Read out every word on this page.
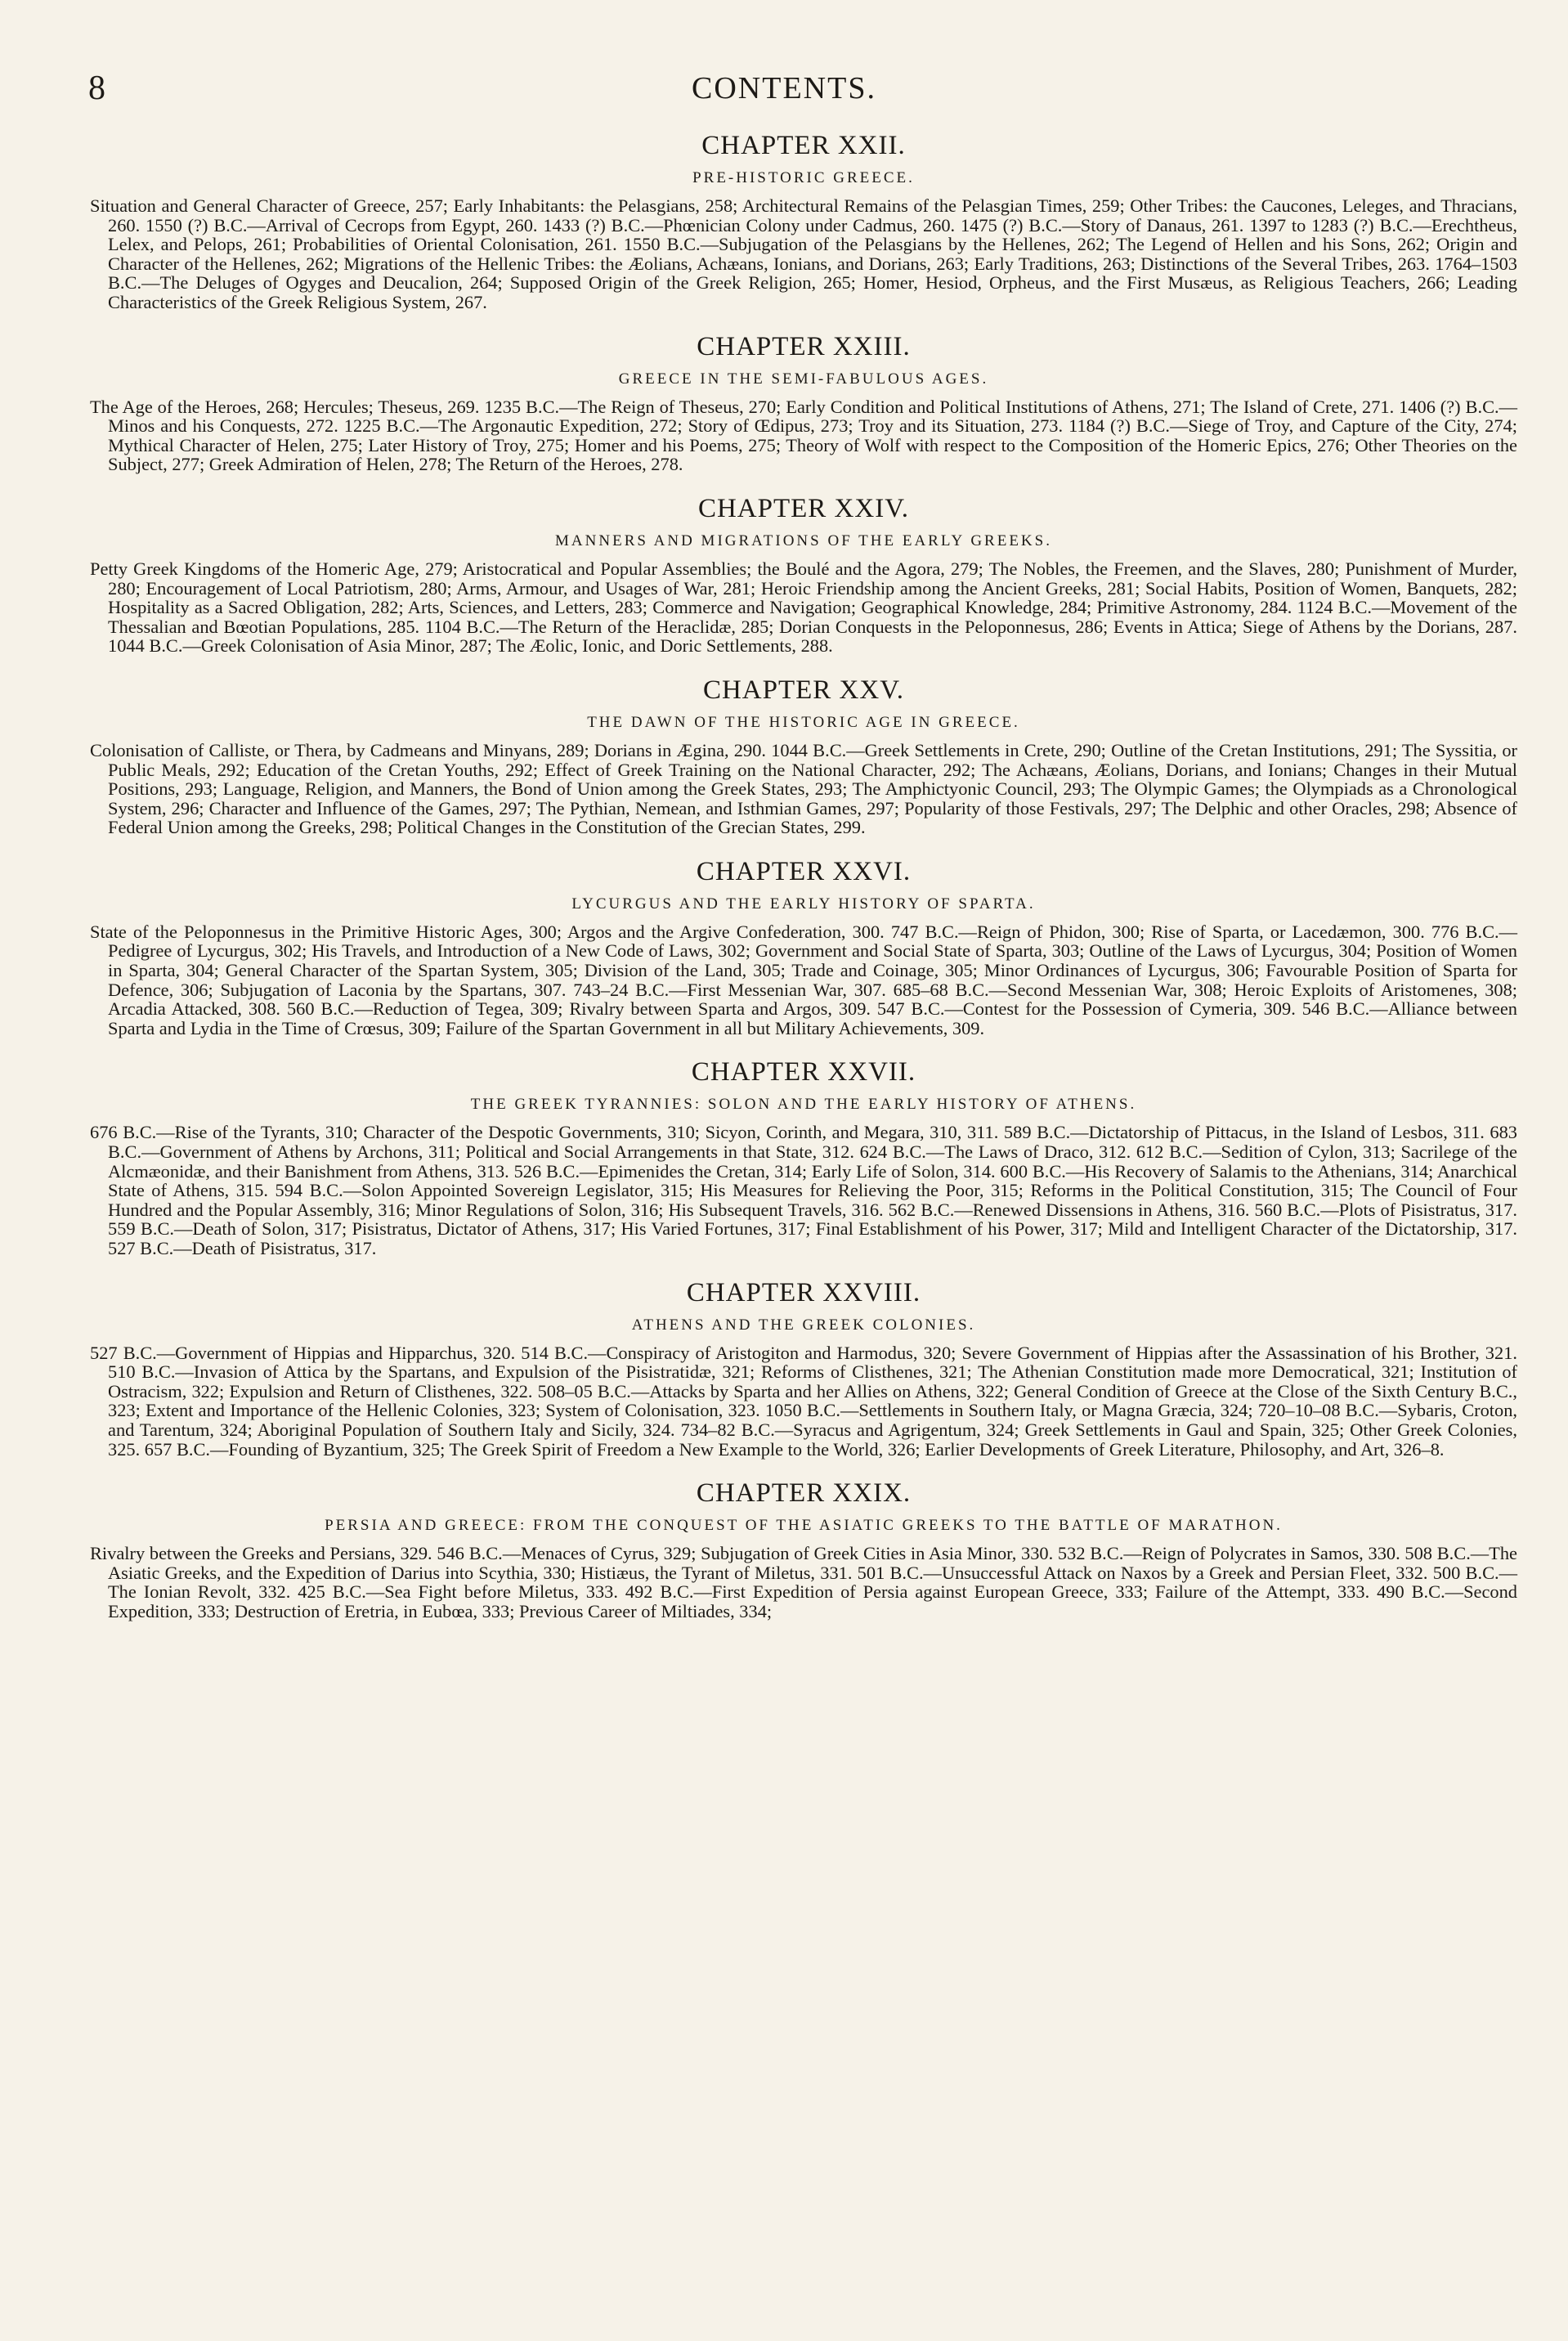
8	CONTENTS.
CHAPTER XXII.
PRE-HISTORIC GREECE.

Situation and General Character of Greece, 257; Early Inhabitants: the Pelasgians, 258; Architectural Remains of the Pelasgian Times, 259; Other Tribes: the Caucones, Leleges, and Thracians, 260. 1550 (?) B.C.—Arrival of Cecrops from Egypt, 260. 1433 (?) B.C.—Phœnician Colony under Cadmus, 260. 1475 (?) B.C.—Story of Danaus, 261. 1397 to 1283 (?) B.C.—Erechtheus, Lelex, and Pelops, 261; Probabilities of Oriental Colonisation, 261. 1550 B.C.—Subjugation of the Pelasgians by the Hellenes, 262; The Legend of Hellen and his Sons, 262; Origin and Character of the Hellenes, 262; Migrations of the Hellenic Tribes: the Æolians, Achæans, Ionians, and Dorians, 263; Early Traditions, 263; Distinctions of the Several Tribes, 263. 1764–1503 B.C.—The Deluges of Ogyges and Deucalion, 264; Supposed Origin of the Greek Religion, 265; Homer, Hesiod, Orpheus, and the First Musæus, as Religious Teachers, 266; Leading Characteristics of the Greek Religious System, 267.

CHAPTER XXIII.
GREECE IN THE SEMI-FABULOUS AGES.

The Age of the Heroes, 268; Hercules; Theseus, 269. 1235 B.C.—The Reign of Theseus, 270; Early Condition and Political Institutions of Athens, 271; The Island of Crete, 271. 1406 (?) B.C.—Minos and his Conquests, 272. 1225 B.C.—The Argonautic Expedition, 272; Story of Œdipus, 273; Troy and its Situation, 273. 1184 (?) B.C.—Siege of Troy, and Capture of the City, 274; Mythical Character of Helen, 275; Later History of Troy, 275; Homer and his Poems, 275; Theory of Wolf with respect to the Composition of the Homeric Epics, 276; Other Theories on the Subject, 277; Greek Admiration of Helen, 278; The Return of the Heroes, 278.

CHAPTER XXIV.
MANNERS AND MIGRATIONS OF THE EARLY GREEKS.

Petty Greek Kingdoms of the Homeric Age, 279; Aristocratical and Popular Assemblies; the Boulé and the Agora, 279; The Nobles, the Freemen, and the Slaves, 280; Punishment of Murder, 280; Encouragement of Local Patriotism, 280; Arms, Armour, and Usages of War, 281; Heroic Friendship among the Ancient Greeks, 281; Social Habits, Position of Women, Banquets, 282; Hospitality as a Sacred Obligation, 282; Arts, Sciences, and Letters, 283; Commerce and Navigation; Geographical Knowledge, 284; Primitive Astronomy, 284. 1124 B.C.—Movement of the Thessalian and Bœotian Populations, 285. 1104 B.C.—The Return of the Heraclidæ, 285; Dorian Conquests in the Peloponnesus, 286; Events in Attica; Siege of Athens by the Dorians, 287. 1044 B.C.—Greek Colonisation of Asia Minor, 287; The Æolic, Ionic, and Doric Settlements, 288.

CHAPTER XXV.
THE DAWN OF THE HISTORIC AGE IN GREECE.

Colonisation of Calliste, or Thera, by Cadmeans and Minyans, 289; Dorians in Ægina, 290. 1044 B.C.—Greek Settlements in Crete, 290; Outline of the Cretan Institutions, 291; The Syssitia, or Public Meals, 292; Education of the Cretan Youths, 292; Effect of Greek Training on the National Character, 292; The Achæans, Æolians, Dorians, and Ionians; Changes in their Mutual Positions, 293; Language, Religion, and Manners, the Bond of Union among the Greek States, 293; The Amphictyonic Council, 293; The Olympic Games; the Olympiads as a Chronological System, 296; Character and Influence of the Games, 297; The Pythian, Nemean, and Isthmian Games, 297; Popularity of those Festivals, 297; The Delphic and other Oracles, 298; Absence of Federal Union among the Greeks, 298; Political Changes in the Constitution of the Grecian States, 299.

CHAPTER XXVI.
LYCURGUS AND THE EARLY HISTORY OF SPARTA.

State of the Peloponnesus in the Primitive Historic Ages, 300; Argos and the Argive Confederation, 300. 747 B.C.—Reign of Phidon, 300; Rise of Sparta, or Lacedæmon, 300. 776 B.C.—Pedigree of Lycurgus, 302; His Travels, and Introduction of a New Code of Laws, 302; Government and Social State of Sparta, 303; Outline of the Laws of Lycurgus, 304; Position of Women in Sparta, 304; General Character of the Spartan System, 305; Division of the Land, 305; Trade and Coinage, 305; Minor Ordinances of Lycurgus, 306; Favourable Position of Sparta for Defence, 306; Subjugation of Laconia by the Spartans, 307. 743–24 B.C.—First Messenian War, 307. 685–68 B.C.—Second Messenian War, 308; Heroic Exploits of Aristomenes, 308; Arcadia Attacked, 308. 560 B.C.—Reduction of Tegea, 309; Rivalry between Sparta and Argos, 309. 547 B.C.—Contest for the Possession of Cymeria, 309. 546 B.C.—Alliance between Sparta and Lydia in the Time of Crœsus, 309; Failure of the Spartan Government in all but Military Achievements, 309.

CHAPTER XXVII.
THE GREEK TYRANNIES: SOLON AND THE EARLY HISTORY OF ATHENS.

676 B.C.—Rise of the Tyrants, 310; Character of the Despotic Governments, 310; Sicyon, Corinth, and Megara, 310, 311. 589 B.C.—Dictatorship of Pittacus, in the Island of Lesbos, 311. 683 B.C.—Government of Athens by Archons, 311; Political and Social Arrangements in that State, 312. 624 B.C.—The Laws of Draco, 312. 612 B.C.—Sedition of Cylon, 313; Sacrilege of the Alcmæonidæ, and their Banishment from Athens, 313. 526 B.C.—Epimenides the Cretan, 314; Early Life of Solon, 314. 600 B.C.—His Recovery of Salamis to the Athenians, 314; Anarchical State of Athens, 315. 594 B.C.—Solon Appointed Sovereign Legislator, 315; His Measures for Relieving the Poor, 315; Reforms in the Political Constitution, 315; The Council of Four Hundred and the Popular Assembly, 316; Minor Regulations of Solon, 316; His Subsequent Travels, 316. 562 B.C.—Renewed Dissensions in Athens, 316. 560 B.C.—Plots of Pisistratus, 317. 559 B.C.—Death of Solon, 317; Pisistratus, Dictator of Athens, 317; His Varied Fortunes, 317; Final Establishment of his Power, 317; Mild and Intelligent Character of the Dictatorship, 317. 527 B.C.—Death of Pisistratus, 317.

CHAPTER XXVIII.
ATHENS AND THE GREEK COLONIES.

527 B.C.—Government of Hippias and Hipparchus, 320. 514 B.C.—Conspiracy of Aristogiton and Harmodus, 320; Severe Government of Hippias after the Assassination of his Brother, 321. 510 B.C.—Invasion of Attica by the Spartans, and Expulsion of the Pisistratidæ, 321; Reforms of Clisthenes, 321; The Athenian Constitution made more Democratical, 321; Institution of Ostracism, 322; Expulsion and Return of Clisthenes, 322. 508–05 B.C.—Attacks by Sparta and her Allies on Athens, 322; General Condition of Greece at the Close of the Sixth Century B.C., 323; Extent and Importance of the Hellenic Colonies, 323; System of Colonisation, 323. 1050 B.C.—Settlements in Southern Italy, or Magna Græcia, 324; 720–10–08 B.C.—Sybaris, Croton, and Tarentum, 324; Aboriginal Population of Southern Italy and Sicily, 324. 734–82 B.C.—Syracus and Agrigentum, 324; Greek Settlements in Gaul and Spain, 325; Other Greek Colonies, 325. 657 B.C.—Founding of Byzantium, 325; The Greek Spirit of Freedom a New Example to the World, 326; Earlier Developments of Greek Literature, Philosophy, and Art, 326–8.

CHAPTER XXIX.
PERSIA AND GREECE: FROM THE CONQUEST OF THE ASIATIC GREEKS TO THE BATTLE OF MARATHON.

Rivalry between the Greeks and Persians, 329. 546 B.C.—Menaces of Cyrus, 329; Subjugation of Greek Cities in Asia Minor, 330. 532 B.C.—Reign of Polycrates in Samos, 330. 508 B.C.—The Asiatic Greeks, and the Expedition of Darius into Scythia, 330; Histiæus, the Tyrant of Miletus, 331. 501 B.C.—Unsuccessful Attack on Naxos by a Greek and Persian Fleet, 332. 500 B.C.—The Ionian Revolt, 332. 425 B.C.—Sea Fight before Miletus, 333. 492 B.C.—First Expedition of Persia against European Greece, 333; Failure of the Attempt, 333. 490 B.C.—Second Expedition, 333; Destruction of Eretria, in Eubœa, 333; Previous Career of Miltiades, 334;
